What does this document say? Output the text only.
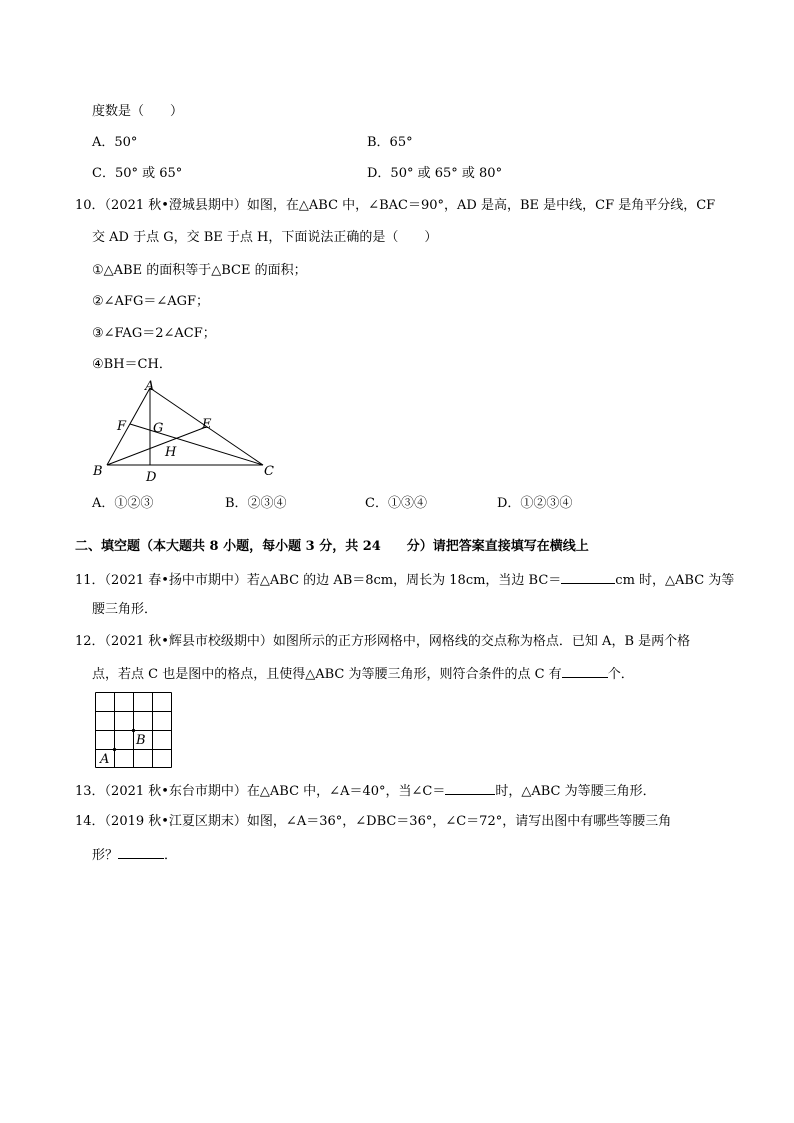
度数是（　　）
A．50°	B．65°
C．50° 或 65°	D．50° 或 65° 或 80°
10．（2021 秋•澄城县期中）如图，在△ABC 中，∠BAC＝90°，AD 是高，BE 是中线，CF 是角平分线，CF
交 AD 于点 G，交 BE 于点 H，下面说法正确的是（　　）
①△ABE 的面积等于△BCE 的面积；
②∠AFG＝∠AGF；
③∠FAG＝2∠ACF；
④BH＝CH．
A
F G	E
H
B	D	C
A．①②③	B．②③④	C．①③④	D．①②③④
二、填空题（本大题共 8 小题，每小题 3 分，共 24　　分）请把答案直接填写在横线上
11．（2021 春•扬中市期中）若△ABC 的边 AB＝8cm，周长为 18cm，当边 BC＝	cm 时，△ABC 为等
腰三角形．
12．（2021 秋•辉县市校级期中）如图所示的正方形网格中，网格线的交点称为格点．已知 A，B 是两个格
点，若点 C 也是图中的格点，且使得△ABC 为等腰三角形，则符合条件的点 C 有	个．
B
A
13．（2021 秋•东台市期中）在△ABC 中，∠A＝40°，当∠C＝	时，△ABC 为等腰三角形．
14．（2019 秋•江夏区期末）如图，∠A＝36°，∠DBC＝36°，∠C＝72°，请写出图中有哪些等腰三角
形？	．
